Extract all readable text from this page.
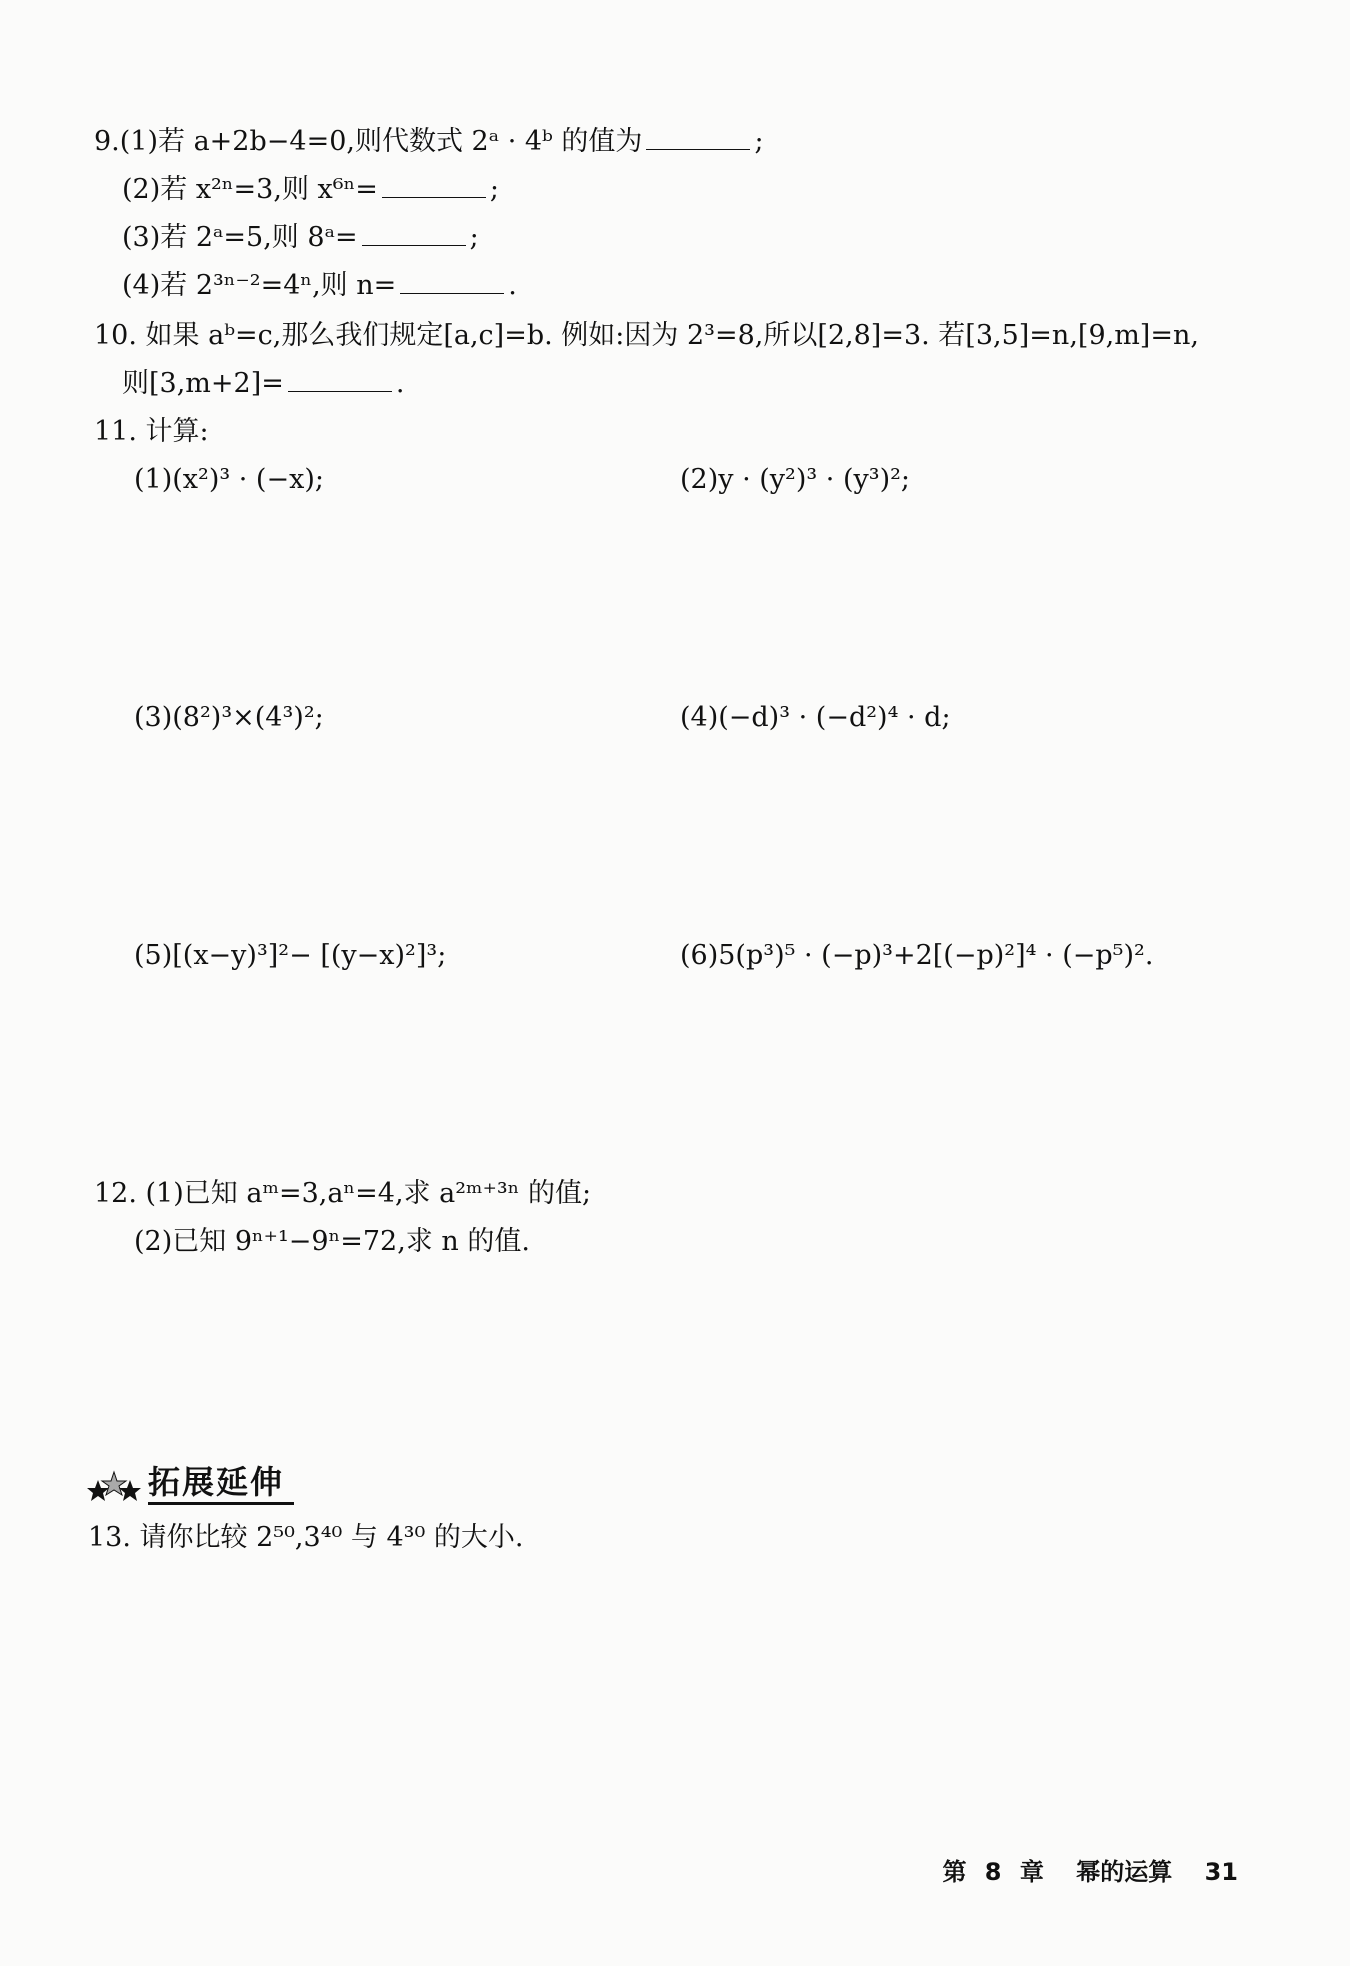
9.(1)若 a+2b−4=0,则代数式 2ᵃ · 4ᵇ 的值为	;
(2)若 x²ⁿ=3,则 x⁶ⁿ=	;
(3)若 2ᵃ=5,则 8ᵃ=	;
(4)若 2³ⁿ⁻²=4ⁿ,则 n=	.
10. 如果 aᵇ=c,那么我们规定[a,c]=b. 例如:因为 2³=8,所以[2,8]=3. 若[3,5]=n,[9,m]=n,
则[3,m+2]=	.
11. 计算:
(1)(x²)³ · (−x);	(2)y · (y²)³ · (y³)²;
(3)(8²)³×(4³)²;	(4)(−d)³ · (−d²)⁴ · d;
(5)[(x−y)³]²− [(y−x)²]³;	(6)5(p³)⁵ · (−p)³+2[(−p)²]⁴ · (−p⁵)².
12. (1)已知 aᵐ=3,aⁿ=4,求 a²ᵐ⁺³ⁿ 的值;
(2)已知 9ⁿ⁺¹−9ⁿ=72,求 n 的值.
拓展延伸
13. 请你比较 2⁵⁰,3⁴⁰ 与 4³⁰ 的大小.
第 8 章 幂的运算 31
